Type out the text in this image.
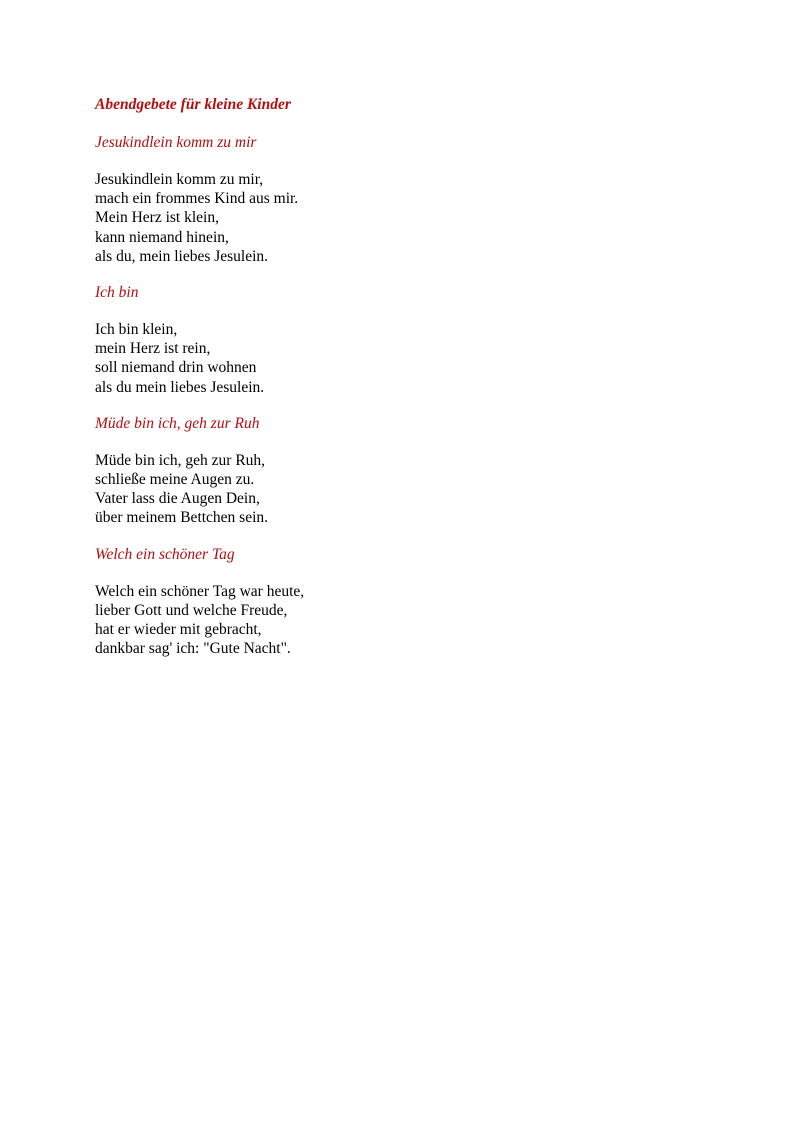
Abendgebete für kleine Kinder
Jesukindlein komm zu mir
Jesukindlein komm zu mir,
mach ein frommes Kind aus mir.
Mein Herz ist klein,
kann niemand hinein,
als du, mein liebes Jesulein.
Ich bin
Ich bin klein,
mein Herz ist rein,
soll niemand drin wohnen
als du mein liebes Jesulein.
Müde bin ich, geh zur Ruh
Müde bin ich, geh zur Ruh,
schließe meine Augen zu.
Vater lass die Augen Dein,
über meinem Bettchen sein.
Welch ein schöner Tag
Welch ein schöner Tag war heute,
lieber Gott und welche Freude,
hat er wieder mit gebracht,
dankbar sag' ich: "Gute Nacht".
